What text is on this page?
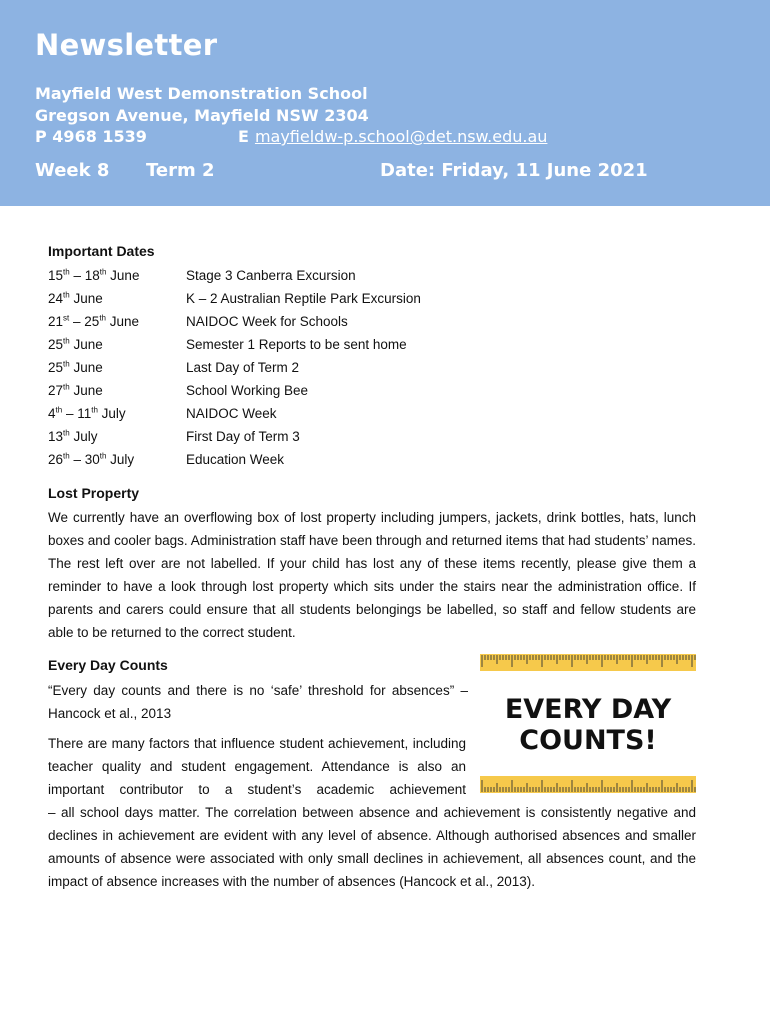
Newsletter
Mayfield West Demonstration School
Gregson Avenue, Mayfield NSW 2304
P 4968 1539	E mayfieldw-p.school@det.nsw.edu.au
Week 8 Term 2	Date: Friday, 11 June 2021
Important Dates
15th – 18th June	Stage 3 Canberra Excursion
24th June	K – 2 Australian Reptile Park Excursion
21st – 25th June	NAIDOC Week for Schools
25th June	Semester 1 Reports to be sent home
25th June	Last Day of Term 2
27th June	School Working Bee
4th – 11th July	NAIDOC Week
13th July	First Day of Term 3
26th – 30th July	Education Week
Lost Property
We currently have an overflowing box of lost property including jumpers, jackets, drink bottles, hats, lunch boxes and cooler bags. Administration staff have been through and returned items that had students’ names. The rest left over are not labelled. If your child has lost any of these items recently, please give them a reminder to have a look through lost property which sits under the stairs near the administration office. If parents and carers could ensure that all students belongings be labelled, so staff and fellow students are able to be returned to the correct student.
Every Day Counts
“Every day counts and there is no ‘safe’ threshold for absences” – Hancock et al., 2013
There are many factors that influence student achievement, including teacher quality and student engagement. Attendance is also an important contributor to a student’s academic achievement
– all school days matter. The correlation between absence and achievement is consistently negative and declines in achievement are evident with any level of absence. Although authorised absences and smaller amounts of absence were associated with only small declines in achievement, all absences count, and the impact of absence increases with the number of absences (Hancock et al., 2013).
EVERY DAY
COUNTS!
